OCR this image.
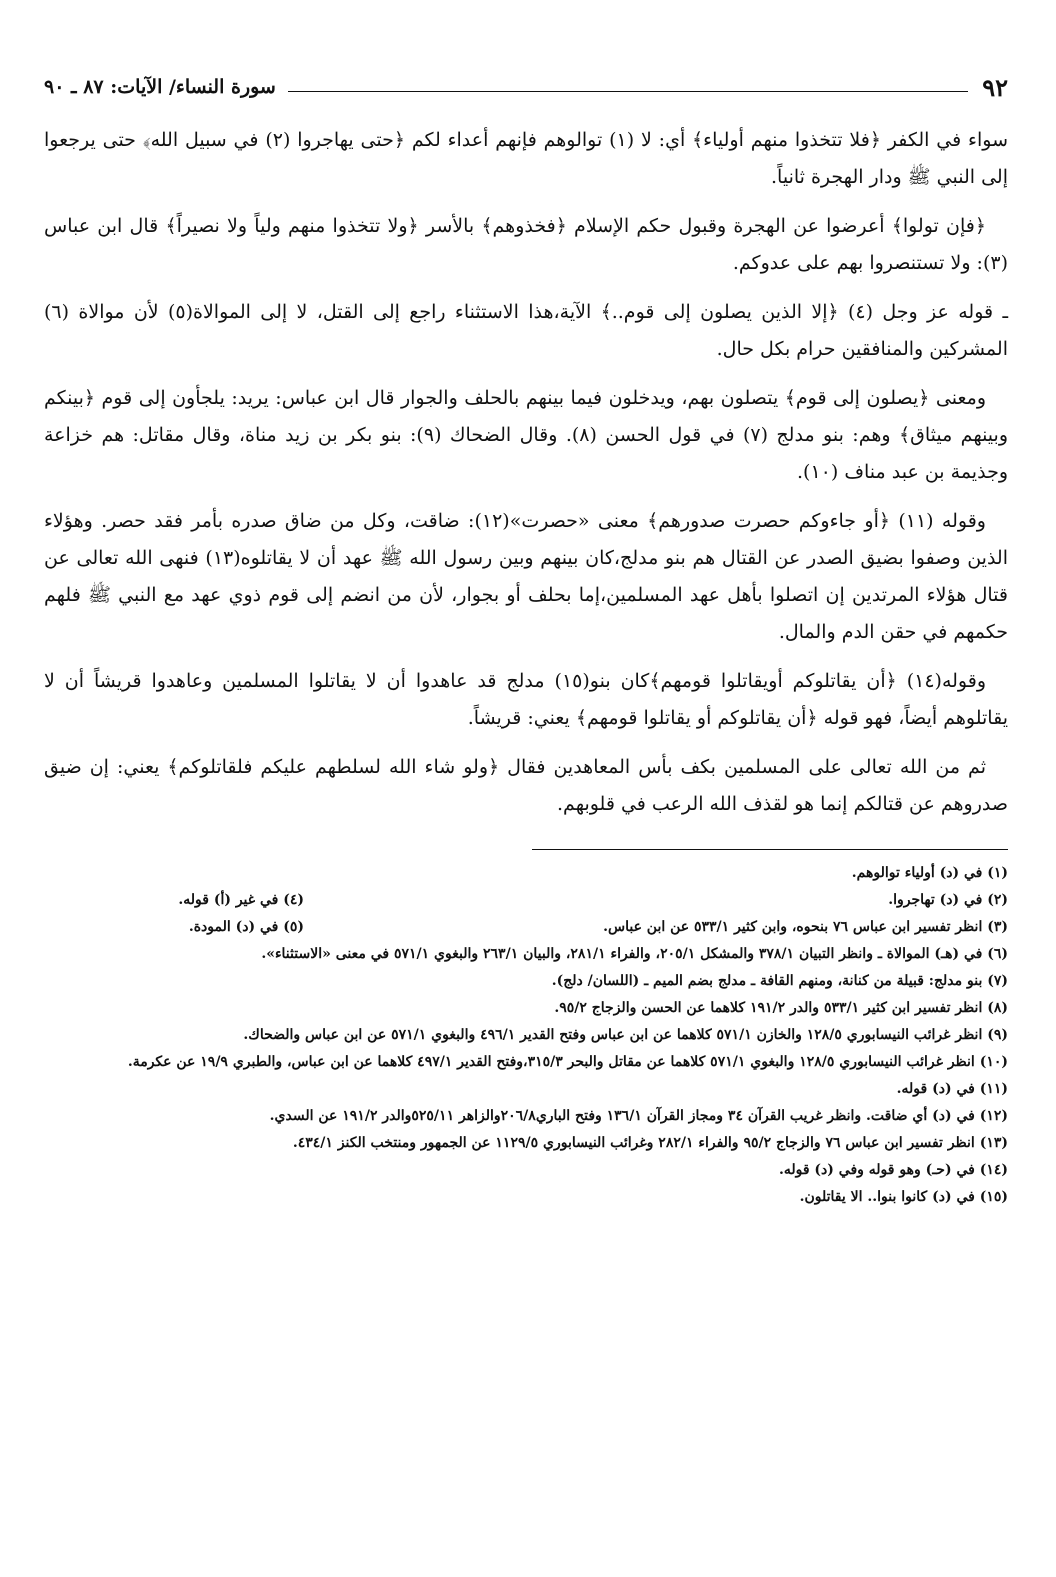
٩٢
سورة النساء/ الآيات: ٨٧ ـ ٩٠

سواء في الكفر ﴿فلا تتخذوا منهم أولياء﴾ أي: لا (١) توالوهم فإنهم أعداء لكم ﴿حتى يهاجروا (٢) في سبيل الله﴾ حتى يرجعوا إلى النبي ﷺ ودار الهجرة ثانياً.

﴿فإن تولوا﴾ أعرضوا عن الهجرة وقبول حكم الإسلام ﴿فخذوهم﴾ بالأسر ﴿ولا تتخذوا منهم ولياً ولا نصيراً﴾ قال ابن عباس (٣): ولا تستنصروا بهم على عدوكم.

ـ قوله عز وجل (٤) ﴿إلا الذين يصلون إلى قوم..﴾ الآية،هذا الاستثناء راجع إلى القتل، لا إلى الموالاة(٥) لأن موالاة (٦) المشركين والمنافقين حرام بكل حال.

ومعنى ﴿يصلون إلى قوم﴾ يتصلون بهم، ويدخلون فيما بينهم بالحلف والجوار قال ابن عباس: يريد: يلجأون إلى قوم ﴿بينكم وبينهم ميثاق﴾ وهم: بنو مدلج (٧) في قول الحسن (٨). وقال الضحاك (٩): بنو بكر بن زيد مناة، وقال مقاتل: هم خزاعة وجذيمة بن عبد مناف (١٠).

وقوله (١١) ﴿أو جاءوكم حصرت صدورهم﴾ معنى «حصرت»(١٢): ضاقت، وكل من ضاق صدره بأمر فقد حصر. وهؤلاء الذين وصفوا بضيق الصدر عن القتال هم بنو مدلج،كان بينهم وبين رسول الله ﷺ عهد أن لا يقاتلوه(١٣) فنهى الله تعالى عن قتال هؤلاء المرتدين إن اتصلوا بأهل عهد المسلمين،إما بحلف أو بجوار، لأن من انضم إلى قوم ذوي عهد مع النبي ﷺ فلهم حكمهم في حقن الدم والمال.

وقوله(١٤) ﴿أن يقاتلوكم أويقاتلوا قومهم﴾كان بنو(١٥) مدلج قد عاهدوا أن لا يقاتلوا المسلمين وعاهدوا قريشاً أن لا يقاتلوهم أيضاً، فهو قوله ﴿أن يقاتلوكم أو يقاتلوا قومهم﴾ يعني: قريشاً.

ثم من الله تعالى على المسلمين بكف بأس المعاهدين فقال ﴿ولو شاء الله لسلطهم عليكم فلقاتلوكم﴾ يعني: إن ضيق صدروهم عن قتالكم إنما هو لقذف الله الرعب في قلوبهم.

(١) في (د) أولياء توالوهم.

(٢) في (د) تهاجروا.

(٤) في غير (أ) قوله.

(٣) انظر تفسير ابن عباس ٧٦ بنحوه، وابن كثير ٥٣٣/١ عن ابن عباس.

(٥) في (د) المودة.

(٦) في (هـ) الموالاة ـ وانظر التبيان ٣٧٨/١ والمشكل ٢٠٥/١، والفراء ٢٨١/١، والبيان ٢٦٣/١ والبغوي ٥٧١/١ في معنى «الاستثناء».

(٧) بنو مدلج: قبيلة من كنانة، ومنهم القافة ـ مدلج بضم الميم ـ (اللسان/ دلج).

(٨) انظر تفسير ابن كثير ٥٣٣/١ والدر ١٩١/٢ كلاهما عن الحسن والزجاج ٩٥/٢.

(٩) انظر غرائب النيسابوري ١٢٨/٥ والخازن ٥٧١/١ كلاهما عن ابن عباس وفتح القدير ٤٩٦/١ والبغوي ٥٧١/١ عن ابن عباس والضحاك.

(١٠) انظر غرائب النيسابوري ١٢٨/٥ والبغوي ٥٧١/١ كلاهما عن مقاتل والبحر ٣١٥/٣،وفتح القدير ٤٩٧/١ كلاهما عن ابن عباس، والطبري ١٩/٩ عن عكرمة.

(١١) في (د) قوله.

(١٢) في (د) أي ضاقت. وانظر غريب القرآن ٣٤ ومجاز القرآن ١٣٦/١ وفتح الباري٢٠٦/٨والزاهر ٥٢٥/١١والدر ١٩١/٢ عن السدي.

(١٣) انظر تفسير ابن عباس ٧٦ والزجاج ٩٥/٢ والفراء ٢٨٢/١ وغرائب النيسابوري ١١٢٩/٥ عن الجمهور ومنتخب الكنز ٤٣٤/١.

(١٤) في (حـ) وهو قوله وفي (د) قوله.

(١٥) في (د) كانوا بنوا.. الا يقاتلون.
